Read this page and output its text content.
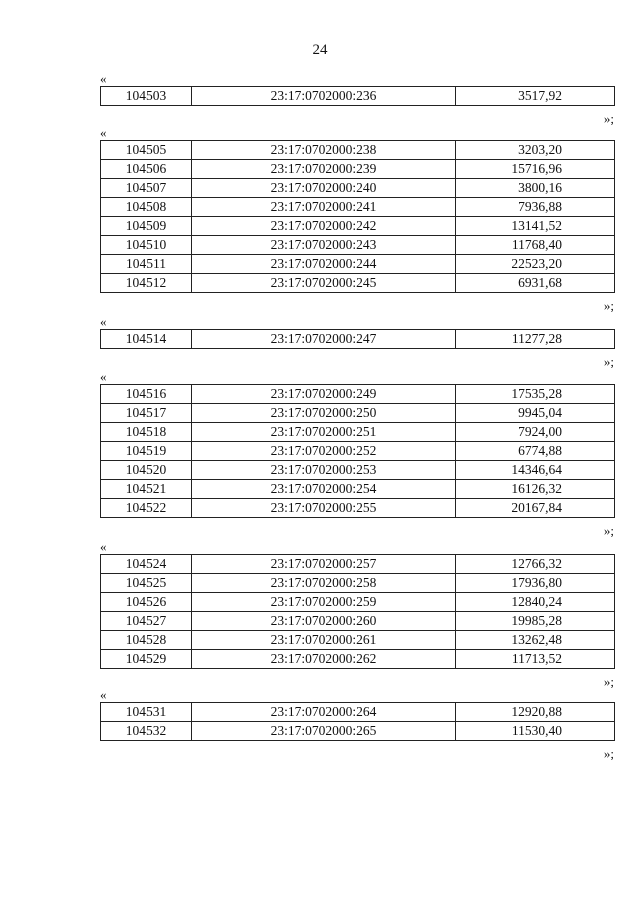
24
«
104503	23:17:0702000:236	3517,92
»;
«
104505	23:17:0702000:238	3203,20
104506	23:17:0702000:239	15716,96
104507	23:17:0702000:240	3800,16
104508	23:17:0702000:241	7936,88
104509	23:17:0702000:242	13141,52
104510	23:17:0702000:243	11768,40
104511	23:17:0702000:244	22523,20
104512	23:17:0702000:245	6931,68
»;
«
104514	23:17:0702000:247	11277,28
»;
«
104516	23:17:0702000:249	17535,28
104517	23:17:0702000:250	9945,04
104518	23:17:0702000:251	7924,00
104519	23:17:0702000:252	6774,88
104520	23:17:0702000:253	14346,64
104521	23:17:0702000:254	16126,32
104522	23:17:0702000:255	20167,84
»;
«
104524	23:17:0702000:257	12766,32
104525	23:17:0702000:258	17936,80
104526	23:17:0702000:259	12840,24
104527	23:17:0702000:260	19985,28
104528	23:17:0702000:261	13262,48
104529	23:17:0702000:262	11713,52
»;
«
104531	23:17:0702000:264	12920,88
104532	23:17:0702000:265	11530,40
»;
